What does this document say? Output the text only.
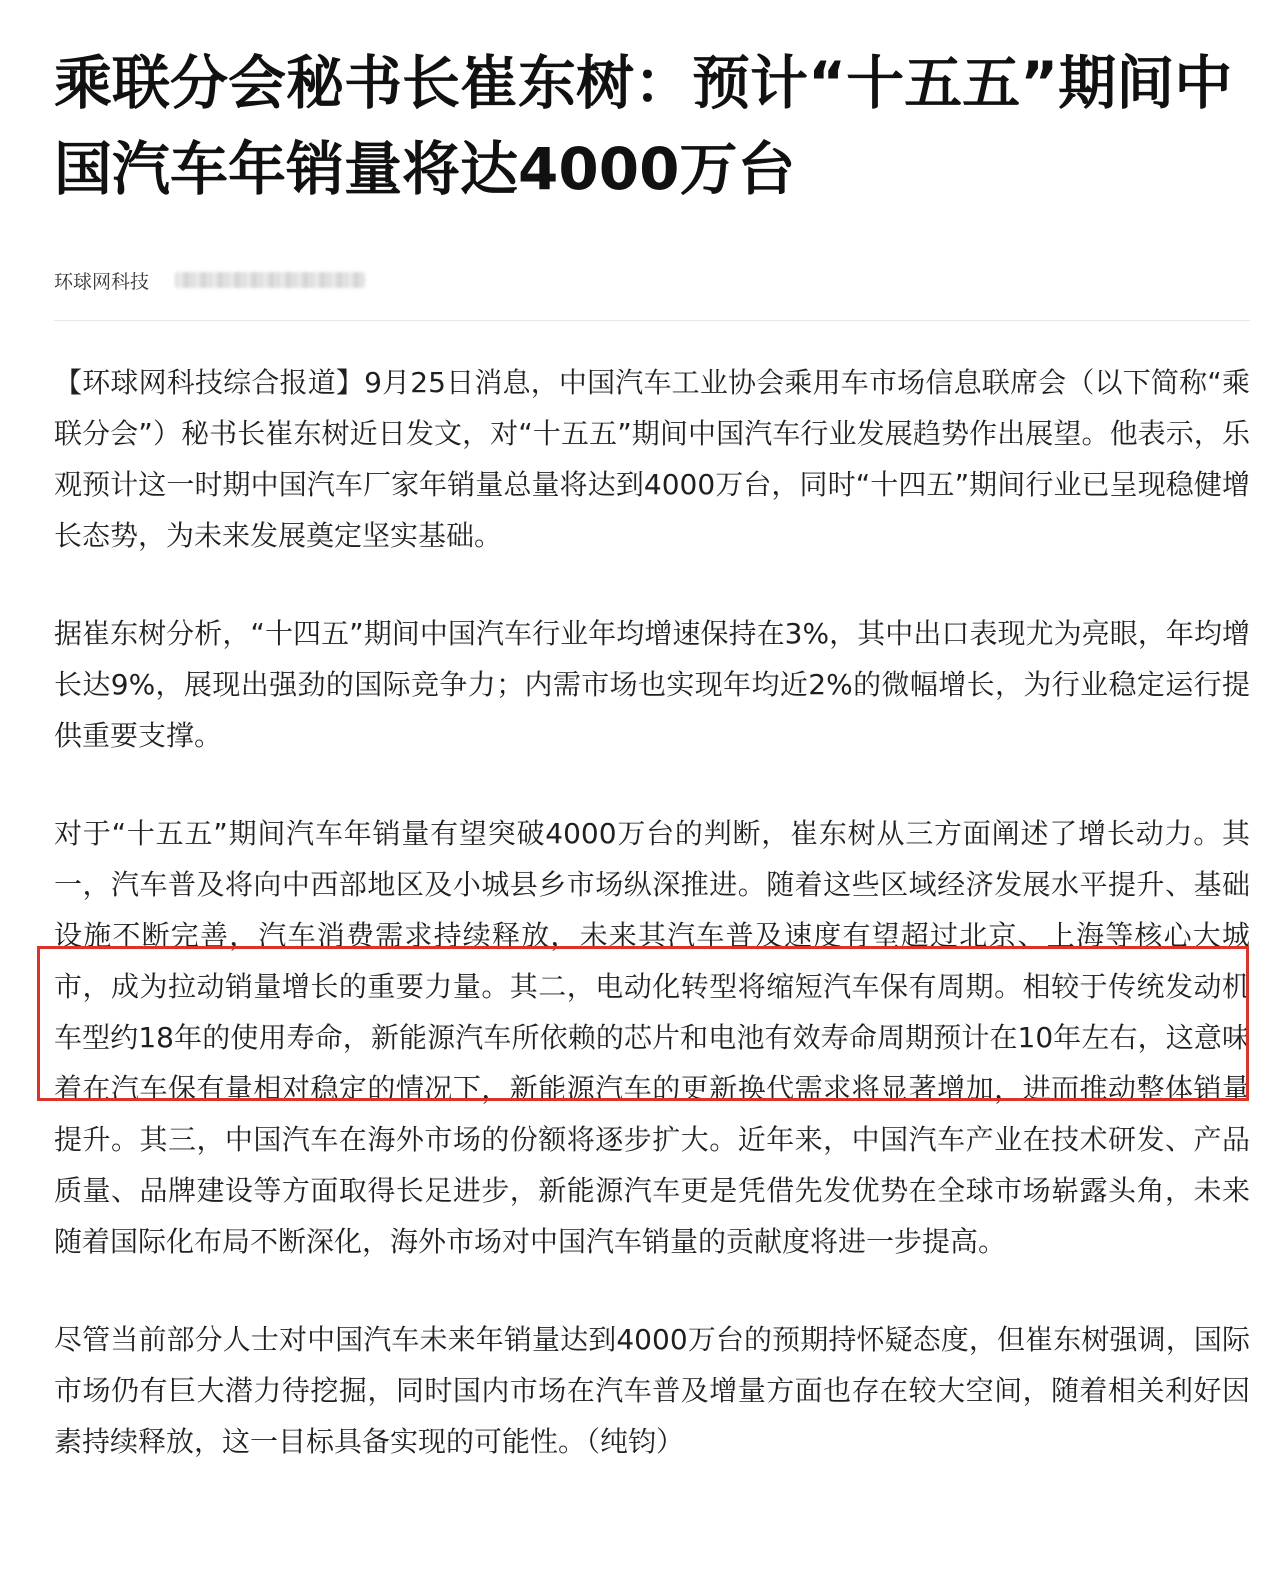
乘联分会秘书长崔东树：预计“十五五”期间中国汽车年销量将达4000万台
环球网科技

【环球网科技综合报道】9月25日消息，中国汽车工业协会乘用车市场信息联席会（以下简称“乘联分会”）秘书长崔东树近日发文，对“十五五”期间中国汽车行业发展趋势作出展望。他表示，乐观预计这一时期中国汽车厂家年销量总量将达到4000万台，同时“十四五”期间行业已呈现稳健增长态势，为未来发展奠定坚实基础。

据崔东树分析，“十四五”期间中国汽车行业年均增速保持在3%，其中出口表现尤为亮眼，年均增长达9%，展现出强劲的国际竞争力；内需市场也实现年均近2%的微幅增长，为行业稳定运行提供重要支撑。

对于“十五五”期间汽车年销量有望突破4000万台的判断，崔东树从三方面阐述了增长动力。其一，汽车普及将向中西部地区及小城县乡市场纵深推进。随着这些区域经济发展水平提升、基础设施不断完善，汽车消费需求持续释放，未来其汽车普及速度有望超过北京、上海等核心大城市，成为拉动销量增长的重要力量。其二，电动化转型将缩短汽车保有周期。相较于传统发动机车型约18年的使用寿命，新能源汽车所依赖的芯片和电池有效寿命周期预计在10年左右，这意味着在汽车保有量相对稳定的情况下，新能源汽车的更新换代需求将显著增加，进而推动整体销量提升。其三，中国汽车在海外市场的份额将逐步扩大。近年来，中国汽车产业在技术研发、产品质量、品牌建设等方面取得长足进步，新能源汽车更是凭借先发优势在全球市场崭露头角，未来随着国际化布局不断深化，海外市场对中国汽车销量的贡献度将进一步提高。

尽管当前部分人士对中国汽车未来年销量达到4000万台的预期持怀疑态度，但崔东树强调，国际市场仍有巨大潜力待挖掘，同时国内市场在汽车普及增量方面也存在较大空间，随着相关利好因素持续释放，这一目标具备实现的可能性。（纯钧）
